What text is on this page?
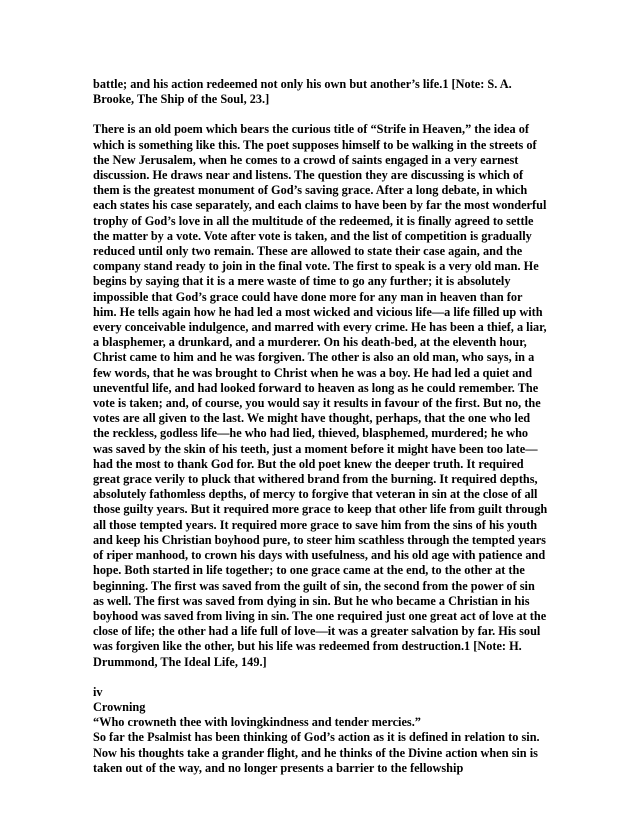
battle; and his action redeemed not only his own but another’s life.1 [Note: S. A. Brooke, The Ship of the Soul, 23.]

There is an old poem which bears the curious title of “Strife in Heaven,” the idea of which is something like this. The poet supposes himself to be walking in the streets of the New Jerusalem, when he comes to a crowd of saints engaged in a very earnest discussion. He draws near and listens. The question they are discussing is which of them is the greatest monument of God’s saving grace. After a long debate, in which each states his case separately, and each claims to have been by far the most wonderful trophy of God’s love in all the multitude of the redeemed, it is finally agreed to settle the matter by a vote. Vote after vote is taken, and the list of competition is gradually reduced until only two remain. These are allowed to state their case again, and the company stand ready to join in the final vote. The first to speak is a very old man. He begins by saying that it is a mere waste of time to go any further; it is absolutely impossible that God’s grace could have done more for any man in heaven than for him. He tells again how he had led a most wicked and vicious life—a life filled up with every conceivable indulgence, and marred with every crime. He has been a thief, a liar, a blasphemer, a drunkard, and a murderer. On his death-bed, at the eleventh hour, Christ came to him and he was forgiven. The other is also an old man, who says, in a few words, that he was brought to Christ when he was a boy. He had led a quiet and uneventful life, and had looked forward to heaven as long as he could remember. The vote is taken; and, of course, you would say it results in favour of the first. But no, the votes are all given to the last. We might have thought, perhaps, that the one who led the reckless, godless life—he who had lied, thieved, blasphemed, murdered; he who was saved by the skin of his teeth, just a moment before it might have been too late—had the most to thank God for. But the old poet knew the deeper truth. It required great grace verily to pluck that withered brand from the burning. It required depths, absolutely fathomless depths, of mercy to forgive that veteran in sin at the close of all those guilty years. But it required more grace to keep that other life from guilt through all those tempted years. It required more grace to save him from the sins of his youth and keep his Christian boyhood pure, to steer him scathless through the tempted years of riper manhood, to crown his days with usefulness, and his old age with patience and hope. Both started in life together; to one grace came at the end, to the other at the beginning. The first was saved from the guilt of sin, the second from the power of sin as well. The first was saved from dying in sin. But he who became a Christian in his boyhood was saved from living in sin. The one required just one great act of love at the close of life; the other had a life full of love—it was a greater salvation by far. His soul was forgiven like the other, but his life was redeemed from destruction.1 [Note: H. Drummond, The Ideal Life, 149.]

iv

Crowning

“Who crowneth thee with lovingkindness and tender mercies.”

So far the Psalmist has been thinking of God’s action as it is defined in relation to sin. Now his thoughts take a grander flight, and he thinks of the Divine action when sin is taken out of the way, and no longer presents a barrier to the fellowship
